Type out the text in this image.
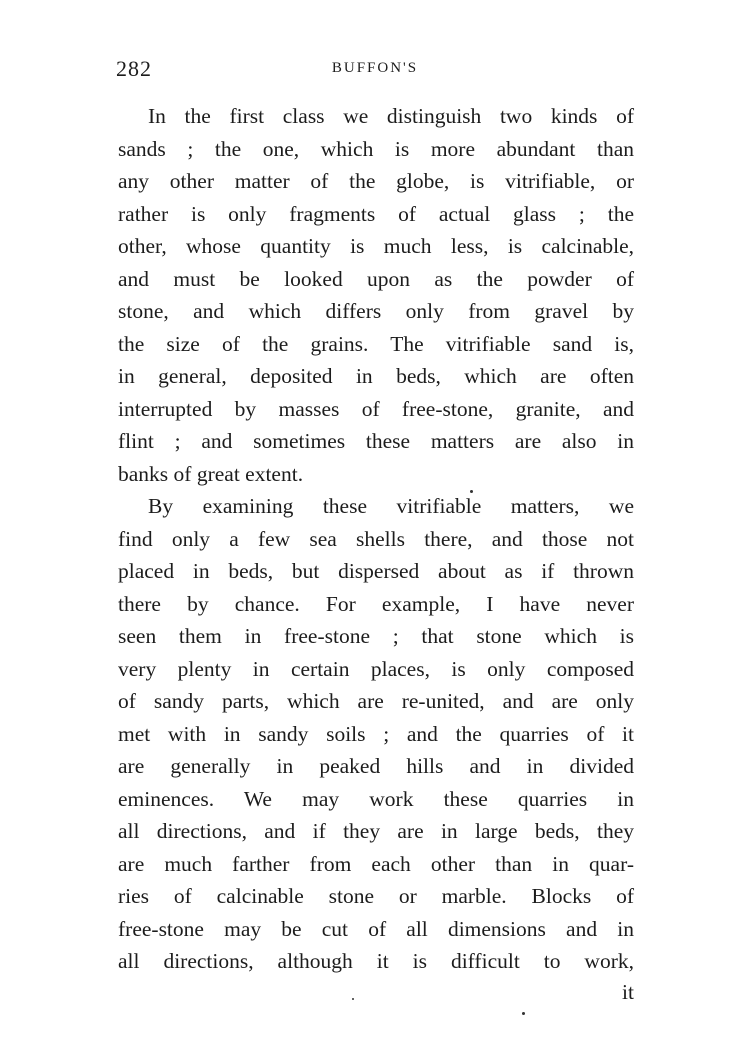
282	BUFFON'S
In the first class we distinguish two kinds of
sands ; the one, which is more abundant than
any other matter of the globe, is vitrifiable, or
rather is only fragments of actual glass ; the
other, whose quantity is much less, is calcinable,
and must be looked upon as the powder of
stone, and which differs only from gravel by
the size of the grains. The vitrifiable sand is,
in general, deposited in beds, which are often
interrupted by masses of free-stone, granite, and
flint ; and sometimes these matters are also in
banks of great extent.
By examining these vitrifiable matters, we
find only a few sea shells there, and those not
placed in beds, but dispersed about as if thrown
there by chance. For example, I have never
seen them in free-stone ; that stone which is
very plenty in certain places, is only composed
of sandy parts, which are re-united, and are only
met with in sandy soils ; and the quarries of it
are generally in peaked hills and in divided
eminences. We may work these quarries in
all directions, and if they are in large beds, they
are much farther from each other than in quar-
ries of calcinable stone or marble. Blocks of
free-stone may be cut of all dimensions and in
all directions, although it is difficult to work,
it
